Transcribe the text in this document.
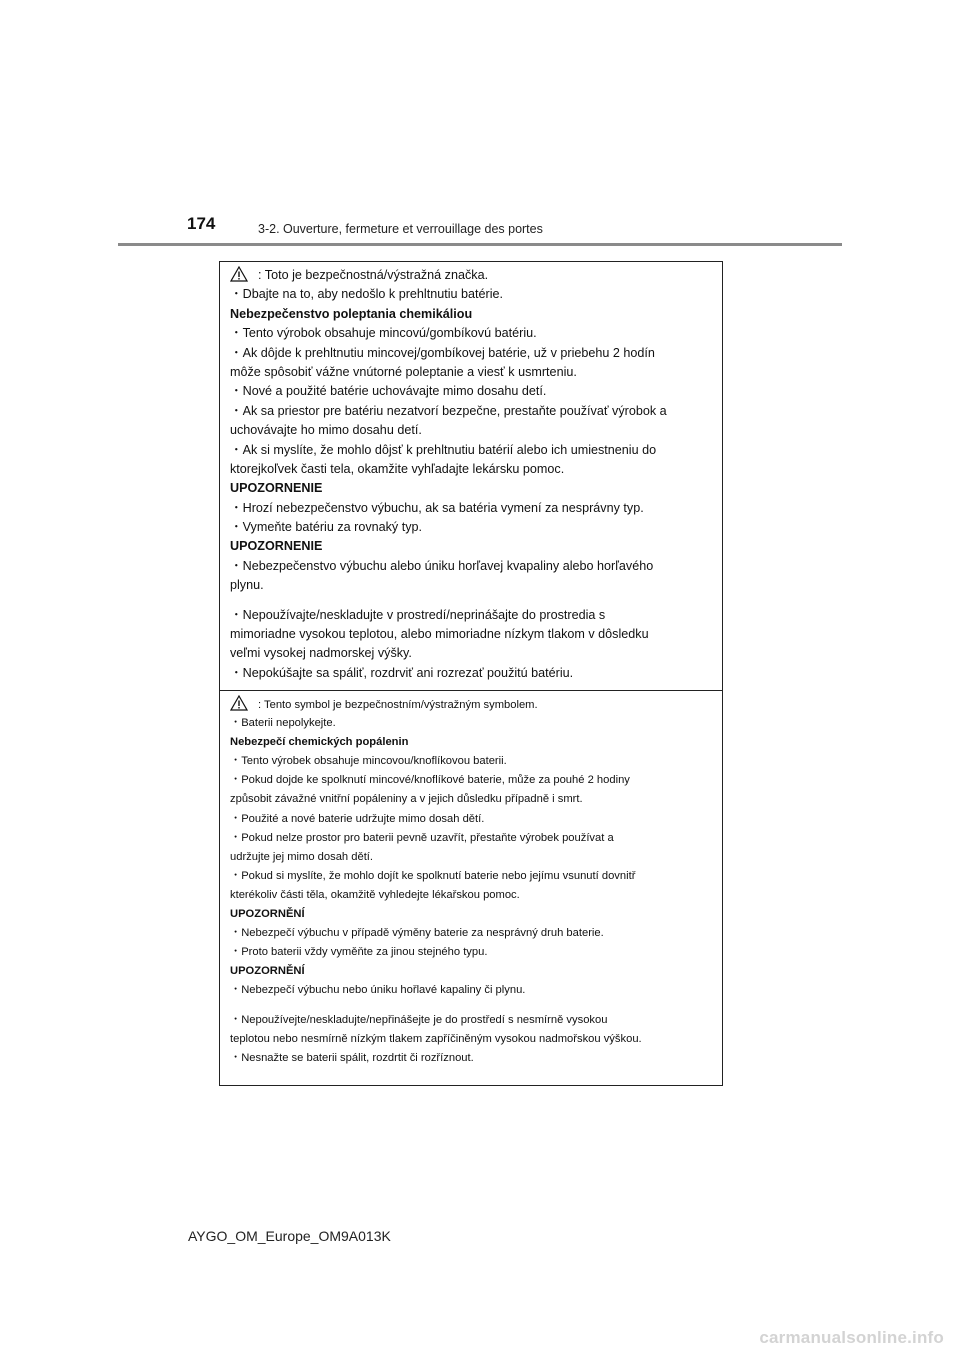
174	3-2. Ouverture, fermeture et verrouillage des portes
: Toto je bezpečnostná/výstražná značka.
・Dbajte na to, aby nedošlo k prehltnutiu batérie.
Nebezpečenstvo poleptania chemikáliou
・Tento výrobok obsahuje mincovú/gombíkovú batériu.
・Ak dôjde k prehltnutiu mincovej/gombíkovej batérie, už v priebehu 2 hodín
môže spôsobiť vážne vnútorné poleptanie a viesť k usmrteniu.
・Nové a použité batérie uchovávajte mimo dosahu detí.
・Ak sa priestor pre batériu nezatvorí bezpečne, prestaňte používať výrobok a
uchovávajte ho mimo dosahu detí.
・Ak si myslíte, že mohlo dôjsť k prehltnutiu batérií alebo ich umiestneniu do
ktorejkoľvek časti tela, okamžite vyhľadajte lekársku pomoc.
UPOZORNENIE
・Hrozí nebezpečenstvo výbuchu, ak sa batéria vymení za nesprávny typ.
・Vymeňte batériu za rovnaký typ.
UPOZORNENIE
・Nebezpečenstvo výbuchu alebo úniku horľavej kvapaliny alebo horľavého
plynu.
・Nepoužívajte/neskladujte v prostredí/neprinášajte do prostredia s
mimoriadne vysokou teplotou, alebo mimoriadne nízkym tlakom v dôsledku
veľmi vysokej nadmorskej výšky.
・Nepokúšajte sa spáliť, rozdrviť ani rozrezať použitú batériu.
: Tento symbol je bezpečnostním/výstražným symbolem.
・Baterii nepolykejte.
Nebezpečí chemických popálenin
・Tento výrobek obsahuje mincovou/knoflíkovou baterii.
・Pokud dojde ke spolknutí mincové/knoflíkové baterie, může za pouhé 2 hodiny
způsobit závažné vnitřní popáleniny a v jejich důsledku případně i smrt.
・Použité a nové baterie udržujte mimo dosah dětí.
・Pokud nelze prostor pro baterii pevně uzavřít, přestaňte výrobek používat a
udržujte jej mimo dosah dětí.
・Pokud si myslíte, že mohlo dojít ke spolknutí baterie nebo jejímu vsunutí dovnitř
kterékoliv části těla, okamžitě vyhledejte lékařskou pomoc.
UPOZORNĚNÍ
・Nebezpečí výbuchu v případě výměny baterie za nesprávný druh baterie.
・Proto baterii vždy vyměňte za jinou stejného typu.
UPOZORNĚNÍ
・Nebezpečí výbuchu nebo úniku hořlavé kapaliny či plynu.
・Nepoužívejte/neskladujte/nepřinášejte je do prostředí s nesmírně vysokou
teplotou nebo nesmírně nízkým tlakem zapříčiněným vysokou nadmořskou výškou.
・Nesnažte se baterii spálit, rozdrtit či rozříznout.
AYGO_OM_Europe_OM9A013K
carmanualsonline.info
